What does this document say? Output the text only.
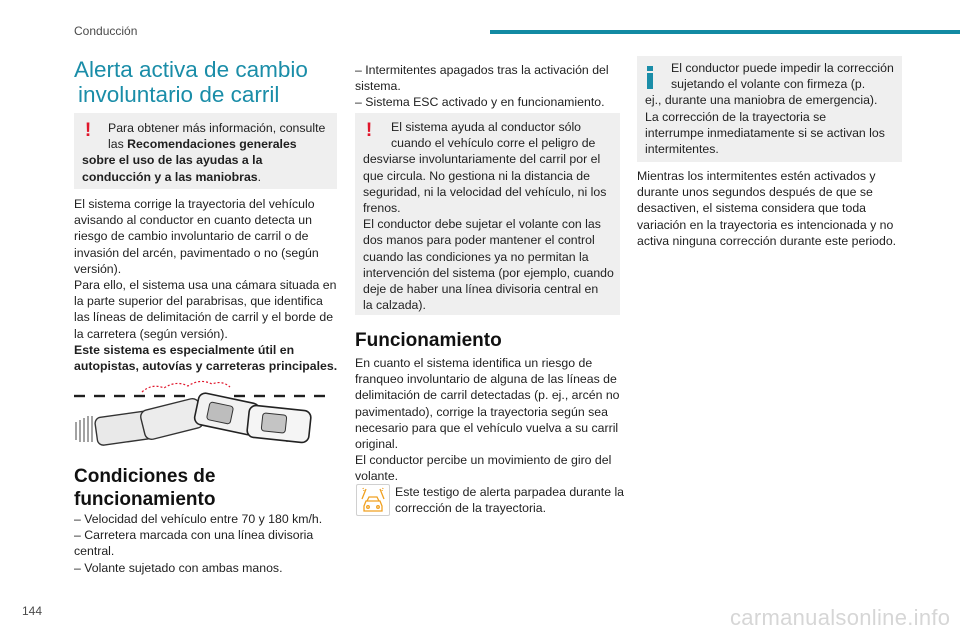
Conducción
Alerta activa de cambio
involuntario de carril
! Para obtener más información, consulte las Recomendaciones generales sobre el uso de las ayudas a la conducción y a las maniobras.
El sistema corrige la trayectoria del vehículo
avisando al conductor en cuanto detecta un
riesgo de cambio involuntario de carril o de
invasión del arcén, pavimentado o no (según
versión).
Para ello, el sistema usa una cámara situada en
la parte superior del parabrisas, que identifica
las líneas de delimitación de carril y el borde de
la carretera (según versión).
Este sistema es especialmente útil en
autopistas, autovías y carreteras principales.
Condiciones de
funcionamiento
– Velocidad del vehículo entre 70 y 180 km/h.
– Carretera marcada con una línea divisoria
central.
– Volante sujetado con ambas manos.
– Intermitentes apagados tras la activación del
sistema.
– Sistema ESC activado y en funcionamiento.
!	El sistema ayuda al conductor sólo
cuando el vehículo corre el peligro de
desviarse involuntariamente del carril por el
que circula. No gestiona ni la distancia de
seguridad, ni la velocidad del vehículo, ni los
frenos.
El conductor debe sujetar el volante con las
dos manos para poder mantener el control
cuando las condiciones ya no permitan la
intervención del sistema (por ejemplo, cuando
deje de haber una línea divisoria central en
la calzada).
Funcionamiento
En cuanto el sistema identifica un riesgo de
franqueo involuntario de alguna de las líneas de
delimitación de carril detectadas (p. ej., arcén no
pavimentado), corrige la trayectoria según sea
necesario para que el vehículo vuelva a su carril
original.
El conductor percibe un movimiento de giro del
volante.
Este testigo de alerta parpadea durante la
corrección de la trayectoria.
El conductor puede impedir la corrección
sujetando el volante con firmeza (p.
ej., durante una maniobra de emergencia).
La corrección de la trayectoria se
interrumpe inmediatamente si se activan los
intermitentes.
Mientras los intermitentes estén activados y
durante unos segundos después de que se
desactiven, el sistema considera que toda
variación en la trayectoria es intencionada y no
activa ninguna corrección durante este periodo.
144	carmanualsonline.info
